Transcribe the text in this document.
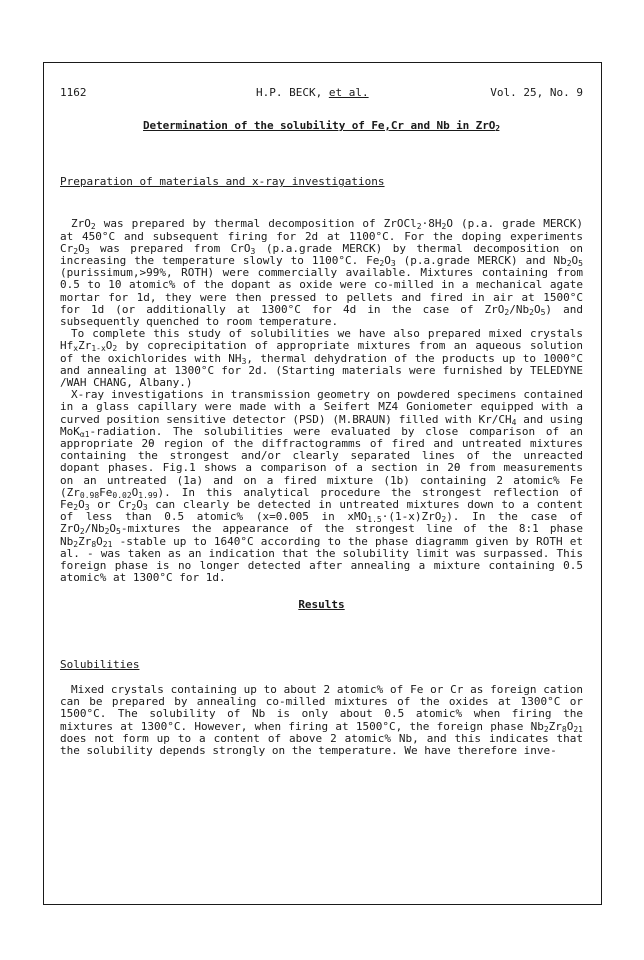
1162	H.P. BECK, et al.	Vol. 25, No. 9
Determination of the solubility of Fe,Cr and Nb in ZrO$_2$
Preparation of materials and x-ray investigations

ZrO$_2$ was prepared by thermal decomposition of $ZrOCl_2\cdot 8H_2O$ (p.a. grade MERCK) at 450°C and subsequent firing for 2d at 1100°C. For the doping experiments $Cr_2O_3$ was prepared from CrO$_3$ (p.a.grade MERCK) by thermal decomposition on increasing the temperature slowly to 1100°C. $Fe_2O_3$ (p.a.grade MERCK) and $Nb_2O_5$ (purissimum,>99%, ROTH) were commercially available. Mixtures containing from 0.5 to 10 atomic% of the dopant as oxide were co-milled in a mechanical agate mortar for 1d, they were then pressed to pellets and fired in air at 1500°C for 1d (or additionally at 1300°C for 4d in the case of $ZrO_2/Nb_2O_5$) and subsequently quenched to room temperature.

To complete this study of solubilities we have also prepared mixed crystals $Hf_xZr_{1-x}O_2$ by coprecipitation of appropriate mixtures from an aqueous solution of the oxichlorides with $NH_3$, thermal dehydration of the products up to 1000°C and annealing at 1300°C for 2d. (Starting materials were furnished by TELEDYNE /WAH CHANG, Albany.)

X-ray investigations in transmission geometry on powdered specimens contained in a glass capillary were made with a Seifert MZ4 Goniometer equipped with a curved position sensitive detector (PSD) (M.BRAUN) filled with $Kr/CH_4$ and using MoK$_{\alpha 1}$-radiation. The solubilities were evaluated by close comparison of an appropriate 2θ region of the diffractogramms of fired and untreated mixtures containing the strongest and/or clearly separated lines of the unreacted dopant phases. Fig.1 shows a comparison of a section in 2θ from measurements on an untreated (1a) and on a fired mixture (1b) containing 2 atomic% Fe $(Zr_{0.98}Fe_{0.02}O_{1.99})$. In this analytical procedure the strongest reflection of $Fe_2O_3$ or $Cr_2O_3$ can clearly be detected in untreated mixtures down to a content of less than 0.5 atomic% (x=0.005 in xMO$_{1.5}$·(1-x)ZrO$_2$). In the case of $ZrO_2/Nb_2O_5$-mixtures the appearance of the strongest line of the 8:1 phase $Nb_2Zr_8O_{21}$ -stable up to 1640°C according to the phase diagramm given by ROTH et al. - was taken as an indication that the solubility limit was surpassed. This foreign phase is no longer detected after annealing a mixture containing 0.5 atomic% at 1300°C for 1d.

Results
Solubilities

Mixed crystals containing up to about 2 atomic% of Fe or Cr as foreign cation can be prepared by annealing co-milled mixtures of the oxides at 1300°C or 1500°C. The solubility of Nb is only about 0.5 atomic% when firing the mixtures at 1300°C. However, when firing at 1500°C, the foreign phase $Nb_2Zr_8O_{21}$ does not form up to a content of above 2 atomic% Nb, and this indicates that the solubility depends strongly on the temperature. We have therefore inve-
